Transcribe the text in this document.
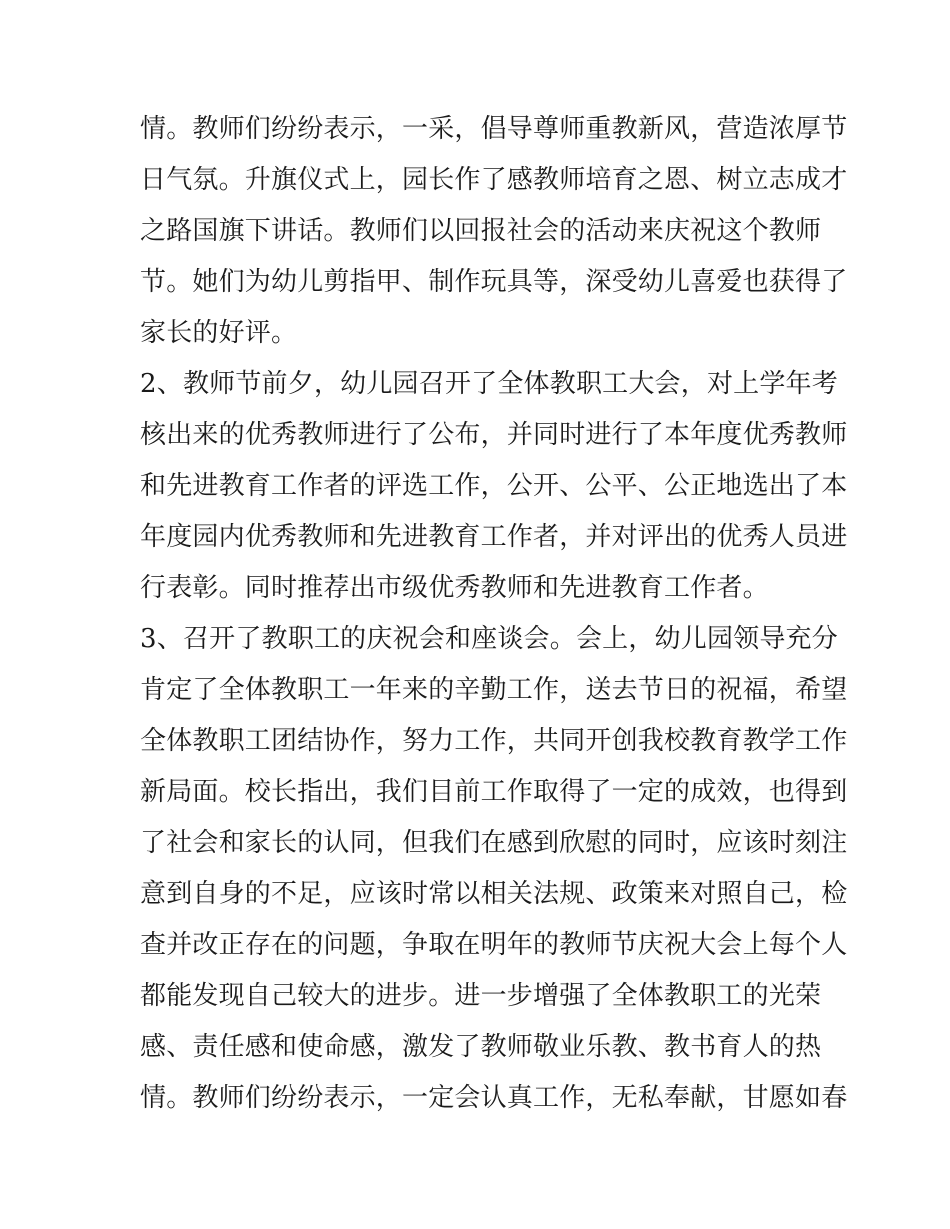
情。教师们纷纷表示，一采，倡导尊师重教新风，营造浓厚节
日气氛。升旗仪式上，园长作了感教师培育之恩、树立志成才
之路国旗下讲话。教师们以回报社会的活动来庆祝这个教师
节。她们为幼儿剪指甲、制作玩具等，深受幼儿喜爱也获得了
家长的好评。
2、教师节前夕，幼儿园召开了全体教职工大会，对上学年考
核出来的优秀教师进行了公布，并同时进行了本年度优秀教师
和先进教育工作者的评选工作，公开、公平、公正地选出了本
年度园内优秀教师和先进教育工作者，并对评出的优秀人员进
行表彰。同时推荐出市级优秀教师和先进教育工作者。
3、召开了教职工的庆祝会和座谈会。会上，幼儿园领导充分
肯定了全体教职工一年来的辛勤工作，送去节日的祝福，希望
全体教职工团结协作，努力工作，共同开创我校教育教学工作
新局面。校长指出，我们目前工作取得了一定的成效，也得到
了社会和家长的认同，但我们在感到欣慰的同时，应该时刻注
意到自身的不足，应该时常以相关法规、政策来对照自己，检
查并改正存在的问题，争取在明年的教师节庆祝大会上每个人
都能发现自己较大的进步。进一步增强了全体教职工的光荣
感、责任感和使命感，激发了教师敬业乐教、教书育人的热
情。教师们纷纷表示，一定会认真工作，无私奉献，甘愿如春
